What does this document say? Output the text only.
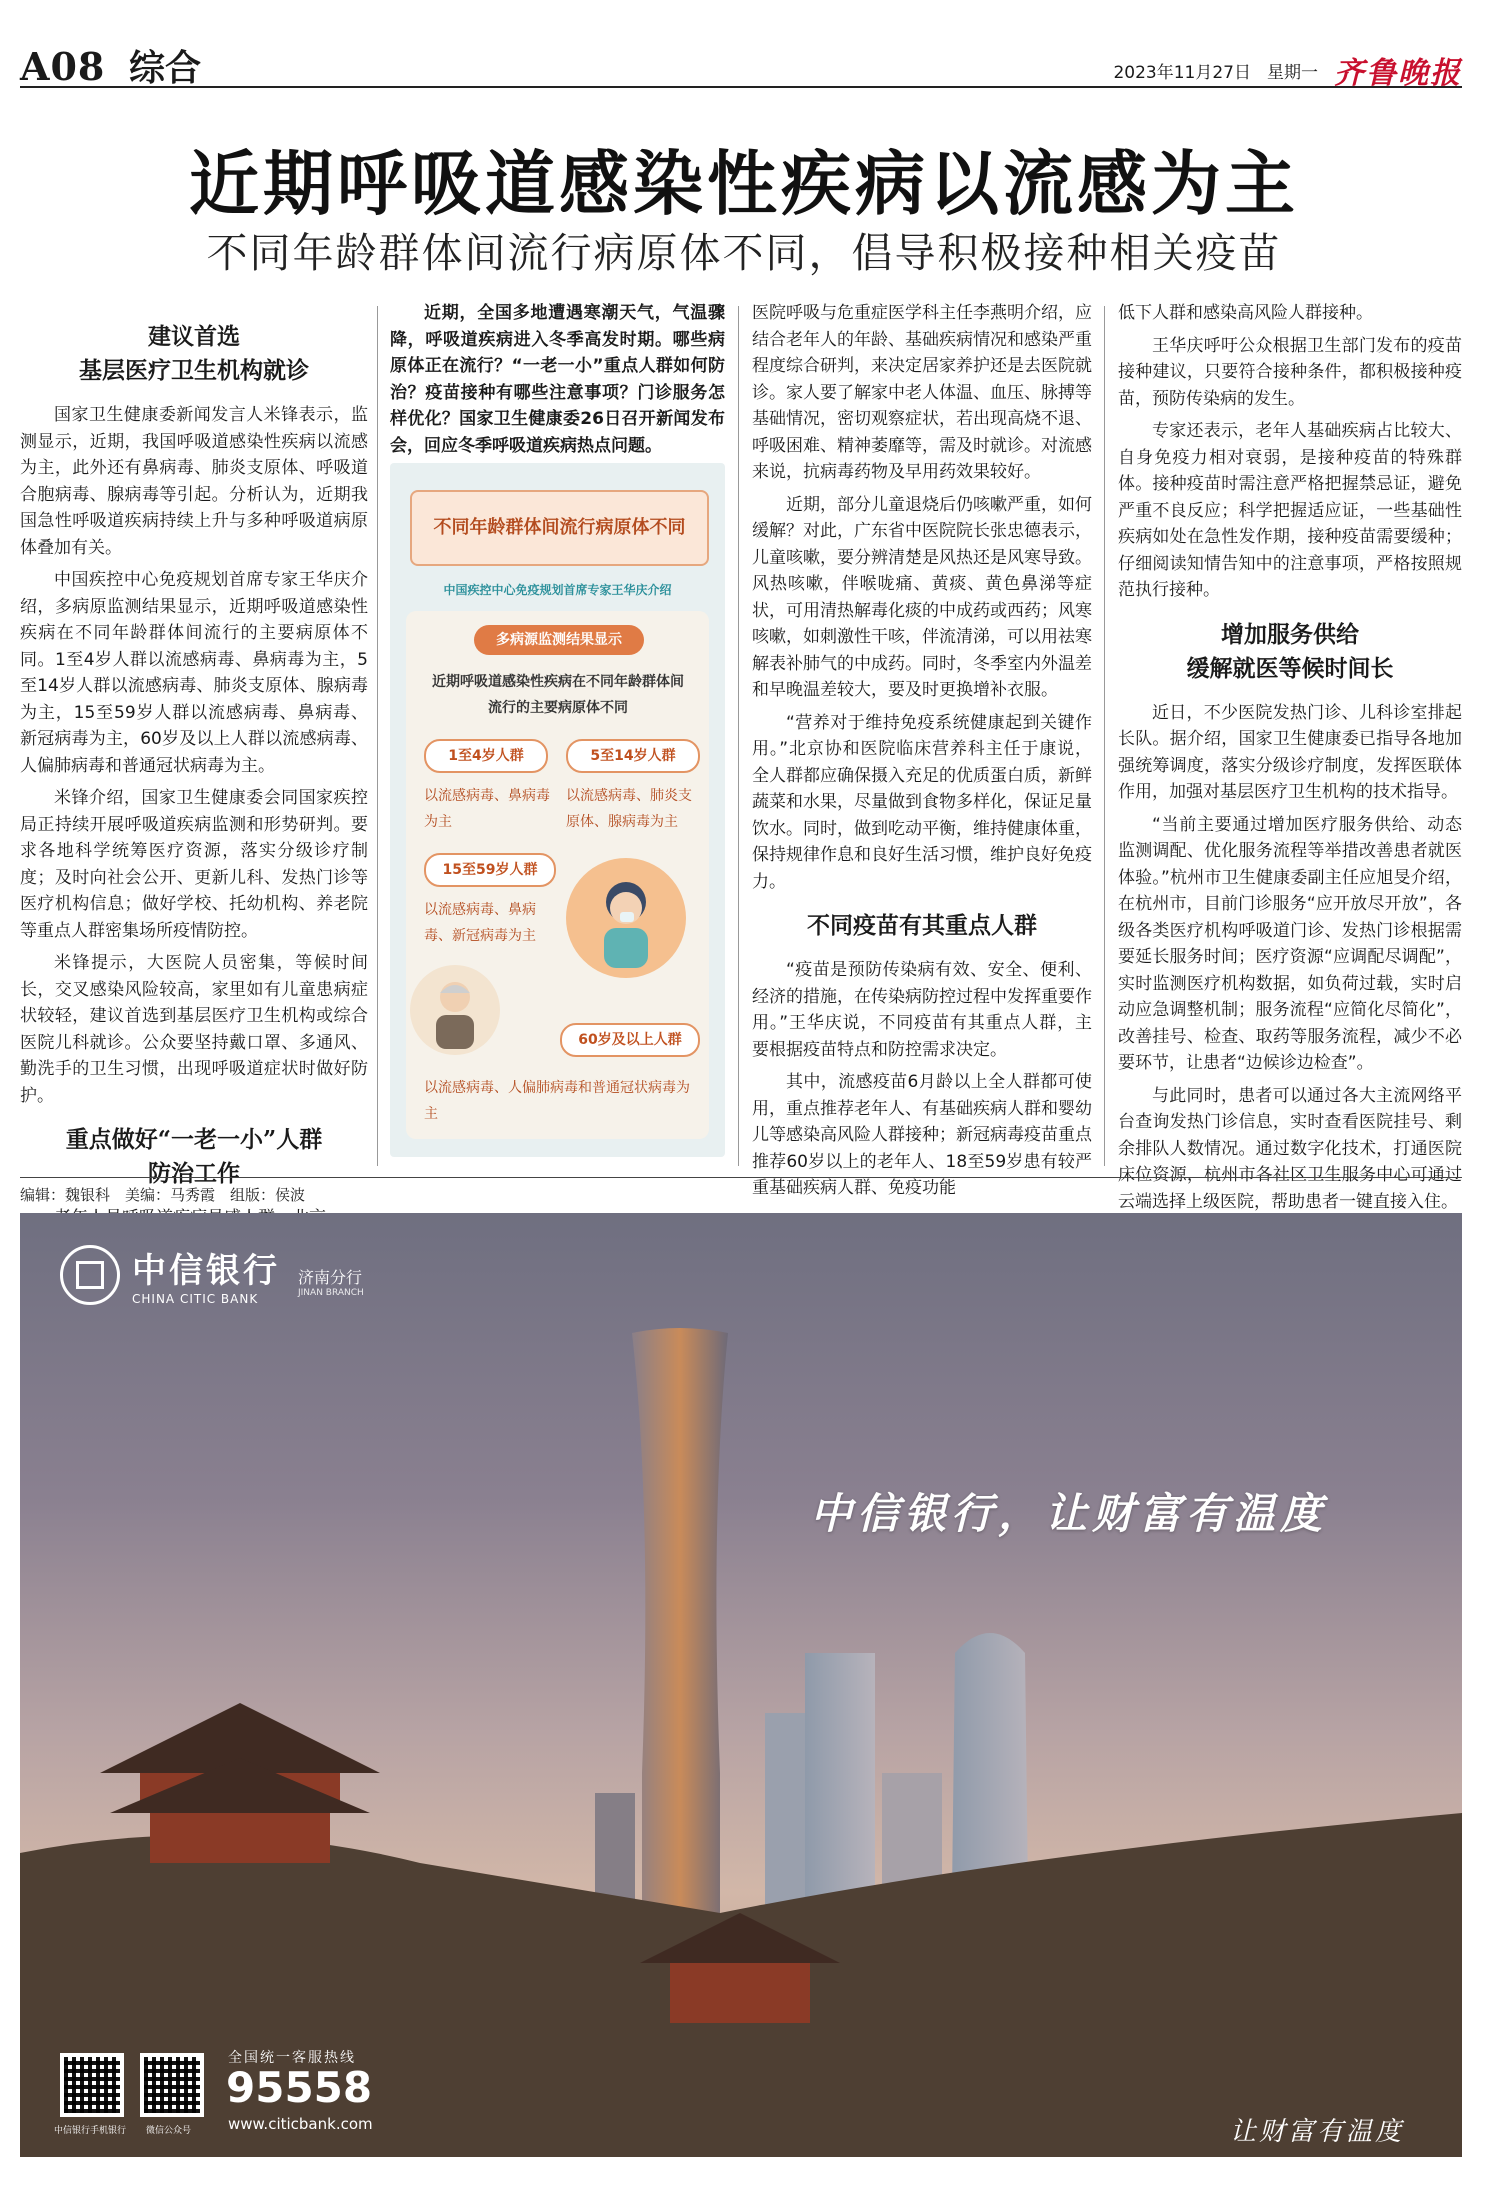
A08 综合	2023年11月27日 星期一 齐鲁晚报
近期呼吸道感染性疾病以流感为主
不同年龄群体间流行病原体不同，倡导积极接种相关疫苗
建议首选
基层医疗卫生机构就诊

国家卫生健康委新闻发言人米锋表示，监测显示，近期，我国呼吸道感染性疾病以流感为主，此外还有鼻病毒、肺炎支原体、呼吸道合胞病毒、腺病毒等引起。分析认为，近期我国急性呼吸道疾病持续上升与多种呼吸道病原体叠加有关。

中国疾控中心免疫规划首席专家王华庆介绍，多病原监测结果显示，近期呼吸道感染性疾病在不同年龄群体间流行的主要病原体不同。1至4岁人群以流感病毒、鼻病毒为主，5至14岁人群以流感病毒、肺炎支原体、腺病毒为主，15至59岁人群以流感病毒、鼻病毒、新冠病毒为主，60岁及以上人群以流感病毒、人偏肺病毒和普通冠状病毒为主。

米锋介绍，国家卫生健康委会同国家疾控局正持续开展呼吸道疾病监测和形势研判。要求各地科学统筹医疗资源，落实分级诊疗制度；及时向社会公开、更新儿科、发热门诊等医疗机构信息；做好学校、托幼机构、养老院等重点人群密集场所疫情防控。

米锋提示，大医院人员密集，等候时间长，交叉感染风险较高，家里如有儿童患病症状较轻，建议首选到基层医疗卫生机构或综合医院儿科就诊。公众要坚持戴口罩、多通风、勤洗手的卫生习惯，出现呼吸道症状时做好防护。

重点做好“一老一小”人群
防治工作

近期，全国多地遭遇寒潮天气，气温骤降，呼吸道疾病进入冬季高发时期。哪些病原体正在流行？“一老一小”重点人群如何防治？疫苗接种有哪些注意事项？门诊服务怎样优化？国家卫生健康委26日召开新闻发布会，回应冬季呼吸道疾病热点问题。

不同年龄群体间流行病原体不同
中国疾控中心免疫规划首席专家王华庆介绍
多病源监测结果显示
近期呼吸道感染性疾病在不同年龄群体间流行的主要病原体不同
1至4岁人群
以流感病毒、鼻病毒为主
5至14岁人群
以流感病毒、肺炎支原体、腺病毒为主
15至59岁人群
以流感病毒、鼻病毒、新冠病毒为主
60岁及以上人群
以流感病毒、人偏肺病毒和普通冠状病毒为主

医院呼吸与危重症医学科主任李燕明介绍，应结合老年人的年龄、基础疾病情况和感染严重程度综合研判，来决定居家养护还是去医院就诊。家人要了解家中老人体温、血压、脉搏等基础情况，密切观察症状，若出现高烧不退、呼吸困难、精神萎靡等，需及时就诊。对流感来说，抗病毒药物及早用药效果较好。

近期，部分儿童退烧后仍咳嗽严重，如何缓解？对此，广东省中医院院长张忠德表示，儿童咳嗽，要分辨清楚是风热还是风寒导致。风热咳嗽，伴喉咙痛、黄痰、黄色鼻涕等症状，可用清热解毒化痰的中成药或西药；风寒咳嗽，如刺激性干咳，伴流清涕，可以用祛寒解表补肺气的中成药。同时，冬季室内外温差和早晚温差较大，要及时更换增补衣服。

“营养对于维持免疫系统健康起到关键作用。”北京协和医院临床营养科主任于康说，全人群都应确保摄入充足的优质蛋白质，新鲜蔬菜和水果，尽量做到食物多样化，保证足量饮水。同时，做到吃动平衡，维持健康体重，保持规律作息和良好生活习惯，维护良好免疫力。

不同疫苗有其重点人群

“疫苗是预防传染病有效、安全、便利、经济的措施，在传染病防控过程中发挥重要作用。”王华庆说，不同疫苗有其重点人群，主要根据疫苗特点和防控需求决定。

其中，流感疫苗6月龄以上全人群都可使用，重点推荐老年人、有基础疾病人群和婴幼儿等感染高风险人群接种；新冠病毒疫苗重点推荐60岁以上的老年人、18至59岁患有较严重基础疾病人群、免疫功能

低下人群和感染高风险人群接种。

王华庆呼吁公众根据卫生部门发布的疫苗接种建议，只要符合接种条件，都积极接种疫苗，预防传染病的发生。

专家还表示，老年人基础疾病占比较大、自身免疫力相对衰弱，是接种疫苗的特殊群体。接种疫苗时需注意严格把握禁忌证，避免严重不良反应；科学把握适应证，一些基础性疾病如处在急性发作期，接种疫苗需要缓种；仔细阅读知情告知中的注意事项，严格按照规范执行接种。

增加服务供给
缓解就医等候时间长

近日，不少医院发热门诊、儿科诊室排起长队。据介绍，国家卫生健康委已指导各地加强统筹调度，落实分级诊疗制度，发挥医联体作用，加强对基层医疗卫生机构的技术指导。

“当前主要通过增加医疗服务供给、动态监测调配、优化服务流程等举措改善患者就医体验。”杭州市卫生健康委副主任应旭旻介绍，在杭州市，目前门诊服务“应开放尽开放”，各级各类医疗机构呼吸道门诊、发热门诊根据需要延长服务时间；医疗资源“应调配尽调配”，实时监测医疗机构数据，如负荷过载，实时启动应急调整机制；服务流程“应简化尽简化”，改善挂号、检查、取药等服务流程，减少不必要环节，让患者“边候诊边检查”。

与此同时，患者可以通过各大主流网络平台查询发热门诊信息，实时查看医院挂号、剩余排队人数情况。通过数字化技术，打通医院床位资源，杭州市各社区卫生服务中心可通过云端选择上级医院，帮助患者一键直接入住。

编辑：魏银科　美编：马秀霞　组版：侯波
中信银行
CHINA CITIC BANK
济南分行
JINAN BRANCH
中信银行，让财富有温度
让财富有温度
中信银行手机银行 微信公众号
全国统一客服热线
95558
www.citicbank.com
